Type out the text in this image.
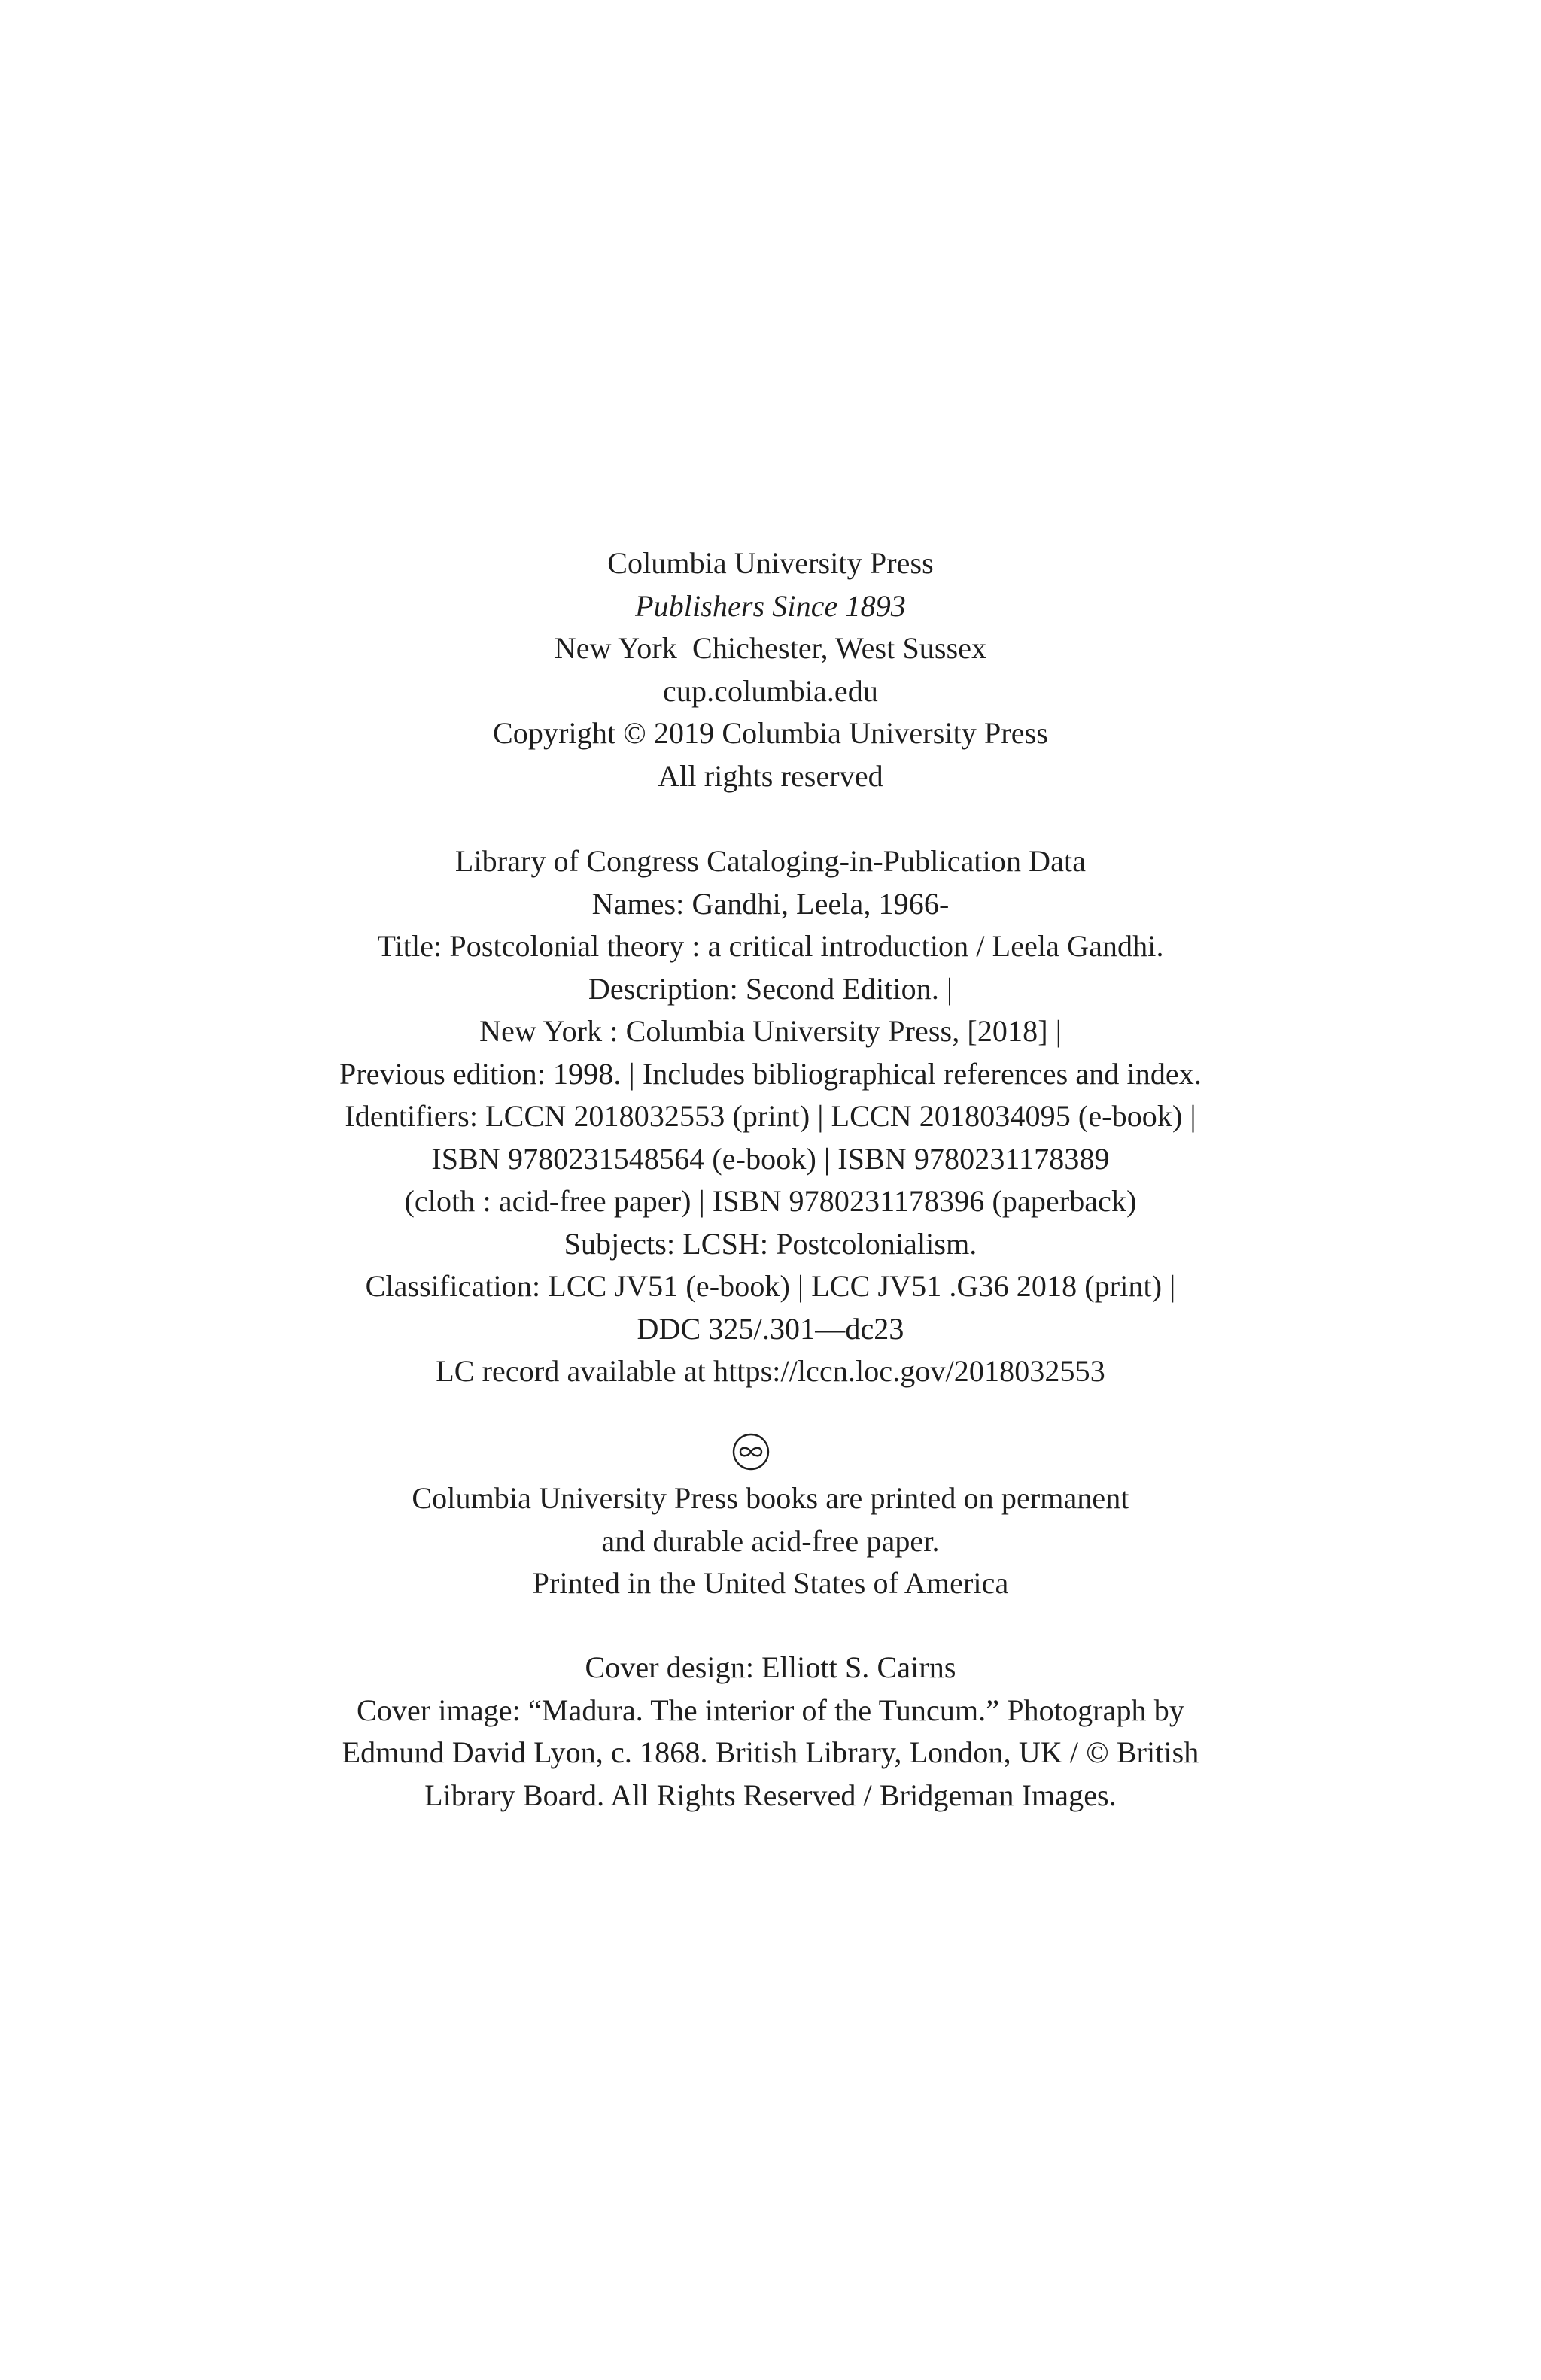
Columbia University Press
Publishers Since 1893
New York  Chichester, West Sussex
cup.columbia.edu
Copyright © 2019 Columbia University Press
All rights reserved
Library of Congress Cataloging-in-Publication Data
Names: Gandhi, Leela, 1966-
Title: Postcolonial theory : a critical introduction / Leela Gandhi.
Description: Second Edition. |
New York : Columbia University Press, [2018] |
Previous edition: 1998. | Includes bibliographical references and index.
Identifiers: LCCN 2018032553 (print) | LCCN 2018034095 (e-book) |
ISBN 9780231548564 (e-book) | ISBN 9780231178389
(cloth : acid-free paper) | ISBN 9780231178396 (paperback)
Subjects: LCSH: Postcolonialism.
Classification: LCC JV51 (e-book) | LCC JV51 .G36 2018 (print) |
DDC 325/.301—dc23
LC record available at https://lccn.loc.gov/2018032553
Columbia University Press books are printed on permanent
and durable acid-free paper.
Printed in the United States of America
Cover design: Elliott S. Cairns
Cover image: “Madura. The interior of the Tuncum.” Photograph by
Edmund David Lyon, c. 1868. British Library, London, UK / © British
Library Board. All Rights Reserved / Bridgeman Images.
